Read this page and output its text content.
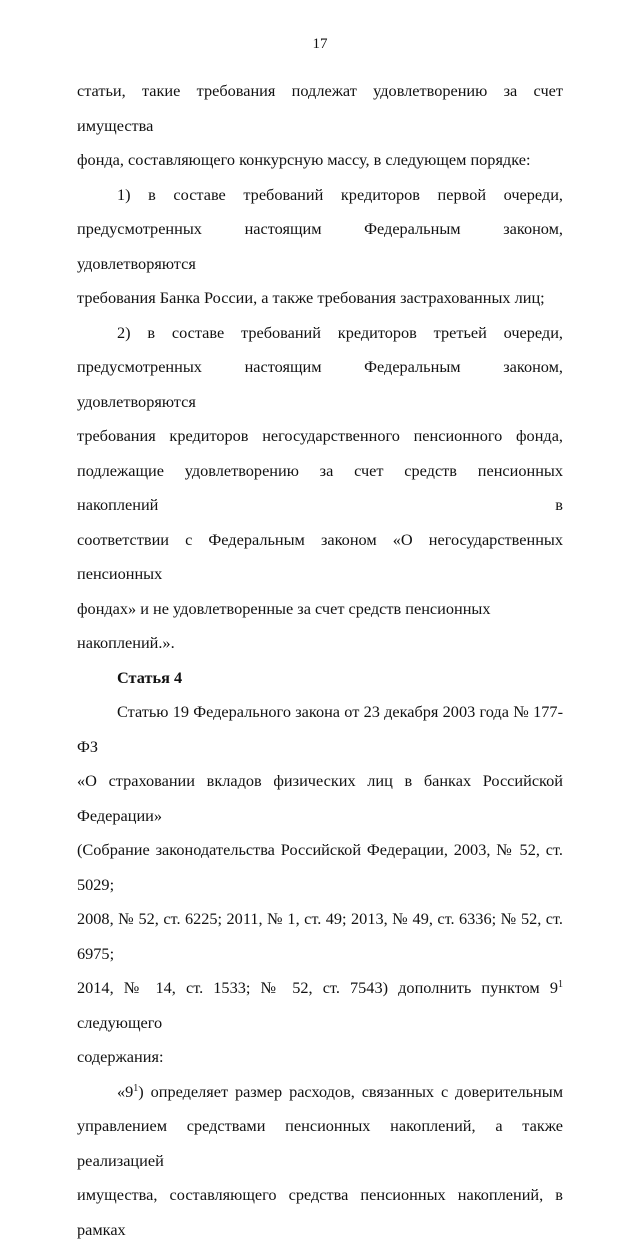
17

статьи, такие требования подлежат удовлетворению за счет имущества

фонда, составляющего конкурсную массу, в следующем порядке:

1) в составе требований кредиторов первой очереди,

предусмотренных настоящим Федеральным законом, удовлетворяются

требования Банка России, а также требования застрахованных лиц;

2) в составе требований кредиторов третьей очереди,

предусмотренных настоящим Федеральным законом, удовлетворяются

требования кредиторов негосударственного пенсионного фонда,

подлежащие удовлетворению за счет средств пенсионных накоплений в

соответствии с Федеральным законом «О негосударственных пенсионных

фондах» и не удовлетворенные за счет средств пенсионных накоплений.».

Статья 4

Статью 19 Федерального закона от 23 декабря 2003 года № 177-ФЗ

«О страховании вкладов физических лиц в банках Российской Федерации»

(Собрание законодательства Российской Федерации, 2003, № 52, ст. 5029;

2008, № 52, ст. 6225; 2011, № 1, ст. 49; 2013, № 49, ст. 6336; № 52, ст. 6975;

2014, № 14, ст. 1533; № 52, ст. 7543) дополнить пунктом $9^1$ следующего

содержания:

«$9^1$) определяет размер расходов, связанных с доверительным

управлением средствами пенсионных накоплений, а также реализацией

имущества, составляющего средства пенсионных накоплений, в рамках
